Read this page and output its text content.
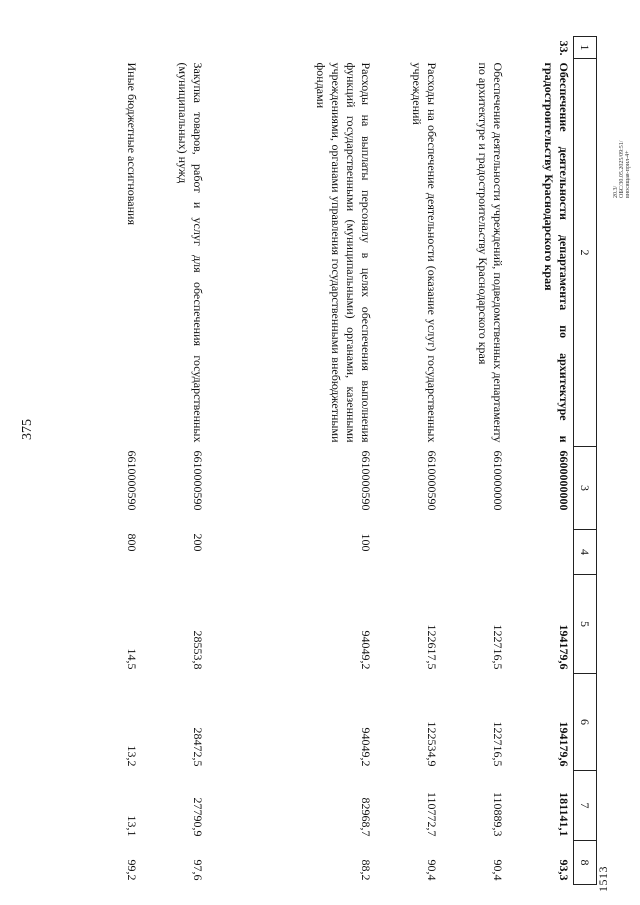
375
1513
20.3/ОБС/30.05.2025/09:51/вносящая-прил-4+
1	2	3	4	5	6	7	8
33.	Обеспечение деятельности департамента по архитектуре и градостроительству Краснодарского края	6600000000		194179,6	194179,6	181141,1	93,3
	Обеспечение деятельности учреждений, подведомственных департаменту по архитектуре и градостроительству Краснодарского края	6610000000		122716,5	122716,5	110889,3	90,4
	Расходы на обеспечение деятельности (оказание услуг) государственных учреждений	6610000590		122617,5	122534,9	110772,7	90,4
	Расходы на выплаты персоналу в целях обеспечения выполнения функций государственными (муниципальными) органами, казенными учреждениями, органами управления государственными внебюджетными фондами	6610000590	100	94049,2	94049,2	82968,7	88,2
	Закупка товаров, работ и услуг для обеспечения государственных (муниципальных) нужд	6610000590	200	28553,8	28472,5	27790,9	97,6
	Иные бюджетные ассигнования	6610000590	800	14,5	13,2	13,1	99,2
